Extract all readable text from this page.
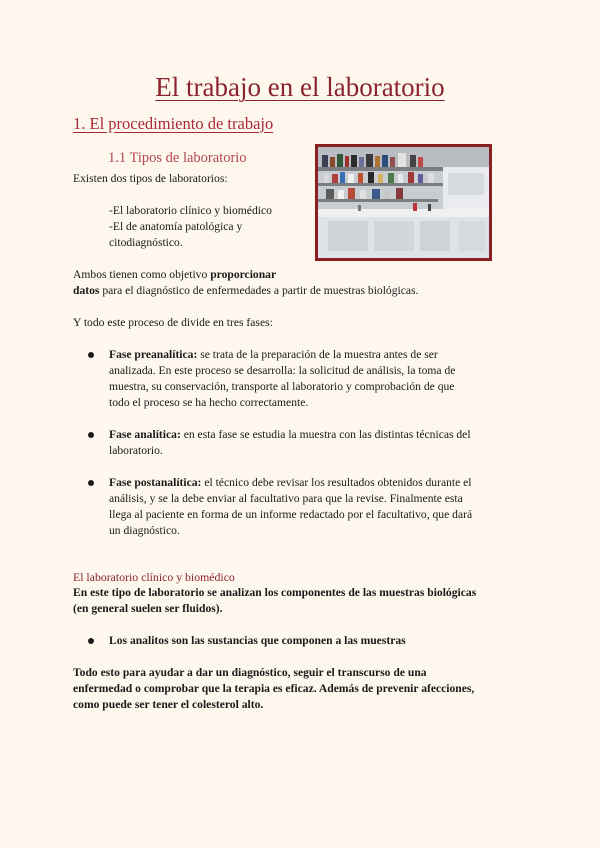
El trabajo en el laboratorio
1. El procedimiento de trabajo
1.1 Tipos de laboratorio

Existen dos tipos de laboratorios:

-El laboratorio clínico y biomédico

-El de anatomía patológica y

citodiagnóstico.

Ambos tienen como objetivo proporcionar

datos para el diagnóstico de enfermedades a partir de muestras biológicas.

Y todo este proceso de divide en tres fases:

Fase preanalítica: se trata de la preparación de la muestra antes de ser

analizada. En este proceso se desarrolla: la solicitud de análisis, la toma de

muestra, su conservación, transporte al laboratorio y comprobación de que

todo el proceso se ha hecho correctamente.

Fase analítica: en esta fase se estudia la muestra con las distintas técnicas del

laboratorio.

Fase postanalítica: el técnico debe revisar los resultados obtenidos durante el

análisis, y se la debe enviar al facultativo para que la revise. Finalmente esta

llega al paciente en forma de un informe redactado por el facultativo, que dará

un diagnóstico.

El laboratorio clínico y biomédico

En este tipo de laboratorio se analizan los componentes de las muestras biológicas

(en general suelen ser fluidos).

Los analitos son las sustancias que componen a las muestras

Todo esto para ayudar a dar un diagnóstico, seguir el transcurso de una

enfermedad o comprobar que la terapia es eficaz. Además de prevenir afecciones,

como puede ser tener el colesterol alto.
